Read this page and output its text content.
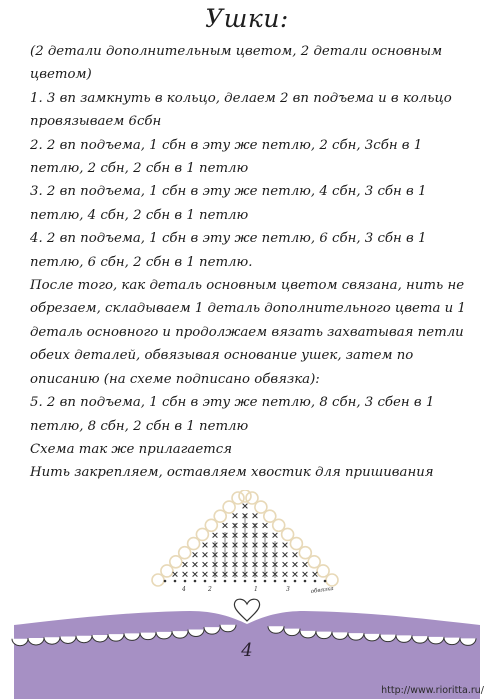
Ушки:

(2 детали дополнительным цветом, 2 детали основным цветом)

1. 3 вп замкнуть в кольцо, делаем 2 вп подъема и в кольцо провязываем 6сбн

2. 2 вп подъема, 1 сбн в эту же петлю, 2 сбн, 3сбн в 1 петлю, 2 сбн, 2 сбн в 1 петлю

3. 2 вп подъема, 1 сбн в эту же петлю, 4 сбн, 3 сбн в 1 петлю, 4 сбн, 2 сбн в 1 петлю

4. 2 вп подъема, 1 сбн в эту же петлю, 6 сбн, 3 сбн в 1 петлю, 6 сбн, 2 сбн в 1 петлю.

После того, как деталь основным цветом связана, нить не обрезаем, складываем 1 деталь дополнительного цвета и 1 деталь основного и продолжаем вязать захватывая петли обеих деталей, обвязывая основание ушек, затем по описанию (на схеме подписано обвязка):

5. 2 вп подъема, 1 сбн в эту же петлю, 8 сбн, 3 сбен в 1 петлю, 8 сбн, 2 сбн в 1 петлю

Схема так же прилагается

Нить закрепляем, оставляем хвостик для пришивания

4	2	1	3	обвязка
4
http://www.rioritta.ru/
